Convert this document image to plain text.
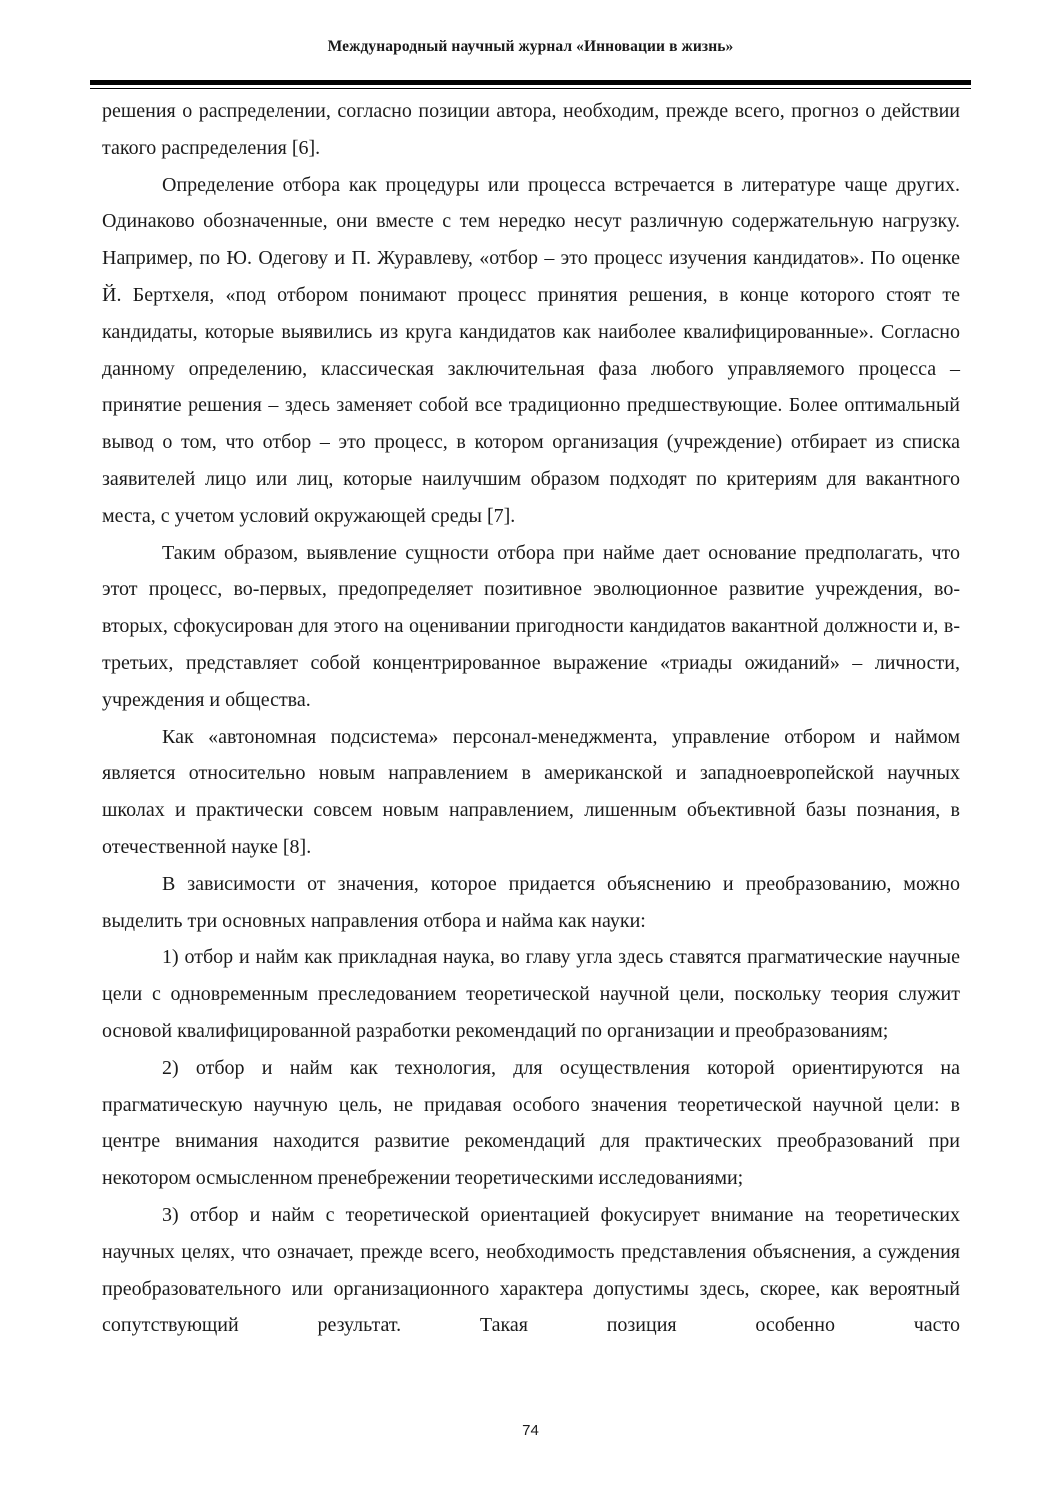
Международный научный журнал «Инновации в жизнь»

решения о распределении, согласно позиции автора, необходим, прежде всего, прогноз о действии такого распределения [6].

Определение отбора как процедуры или процесса встречается в литературе чаще других. Одинаково обозначенные, они вместе с тем нередко несут различную содержательную нагрузку. Например, по Ю. Одегову и П. Журавлеву, «отбор – это процесс изучения кандидатов». По оценке Й. Бертхеля, «под отбором понимают процесс принятия решения, в конце которого стоят те кандидаты, которые выявились из круга кандидатов как наиболее квалифицированные». Согласно данному определению, классическая заключительная фаза любого управляемого процесса – принятие решения – здесь заменяет собой все традиционно предшествующие. Более оптимальный вывод о том, что отбор – это процесс, в котором организация (учреждение) отбирает из списка заявителей лицо или лиц, которые наилучшим образом подходят по критериям для вакантного места, с учетом условий окружающей среды [7].

Таким образом, выявление сущности отбора при найме дает основание предполагать, что этот процесс, во-первых, предопределяет позитивное эволюционное развитие учреждения, во-вторых, сфокусирован для этого на оценивании пригодности кандидатов вакантной должности и, в-третьих, представляет собой концентрированное выражение «триады ожиданий» – личности, учреждения и общества.

Как «автономная подсистема» персонал-менеджмента, управление отбором и наймом является относительно новым направлением в американской и западноевропейской научных школах и практически совсем новым направлением, лишенным объективной базы познания, в отечественной науке [8].

В зависимости от значения, которое придается объяснению и преобразованию, можно выделить три основных направления отбора и найма как науки:

1) отбор и найм как прикладная наука, во главу угла здесь ставятся прагматические научные цели с одновременным преследованием теоретической научной цели, поскольку теория служит основой квалифицированной разработки рекомендаций по организации и преобразованиям;

2) отбор и найм как технология, для осуществления которой ориентируются на прагматическую научную цель, не придавая особого значения теоретической научной цели: в центре внимания находится развитие рекомендаций для практических преобразований при некотором осмысленном пренебрежении теоретическими исследованиями;

3) отбор и найм с теоретической ориентацией фокусирует внимание на теоретических научных целях, что означает, прежде всего, необходимость представления объяснения, а суждения преобразовательного или организационного характера допустимы здесь, скорее, как вероятный сопутствующий результат. Такая позиция особенно часто

74
